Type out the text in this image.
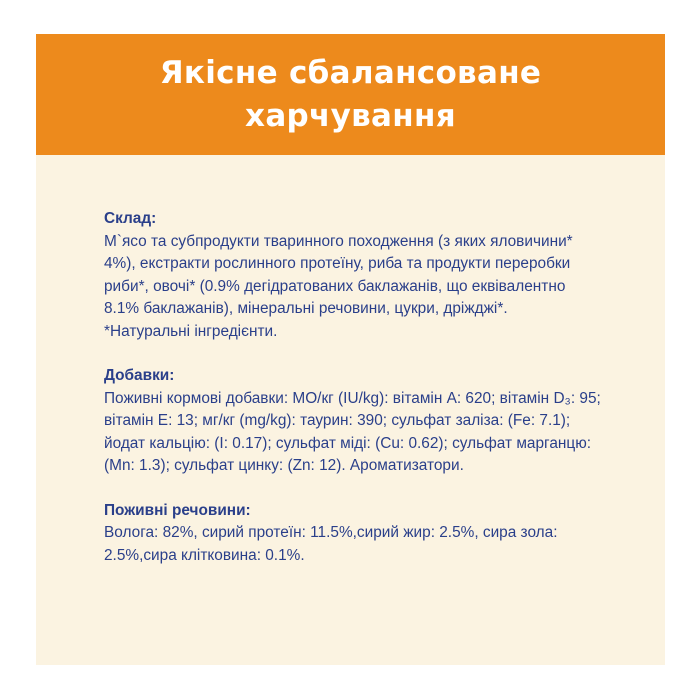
Якісне сбалансоване
харчування
Склад:

М`ясо та субпродукти тваринного походження (з яких яловичини* 4%), екстракти рослинного протеїну, риба та продукти переробки риби*, овочі* (0.9% дегідратованих баклажанів, що еквівалентно 8.1% баклажанів), мінеральні речовини, цукри, дріжджі*.

*Натуральні інгредієнти.

Добавки:

Поживні кормові добавки: МО/кг (IU/kg): вітамін А: 620; вітамін D₃: 95; вітамін Е: 13; мг/кг (mg/kg): таурин: 390; сульфат заліза: (Fe: 7.1); йодат кальцію: (I: 0.17); сульфат міді: (Cu: 0.62); сульфат марганцю: (Mn: 1.3); сульфат цинку: (Zn: 12). Ароматизатори.

Поживні речовини:

Волога: 82%, сирий протеїн: 11.5%,сирий жир: 2.5%, сира зола: 2.5%,сира клітковина: 0.1%.
